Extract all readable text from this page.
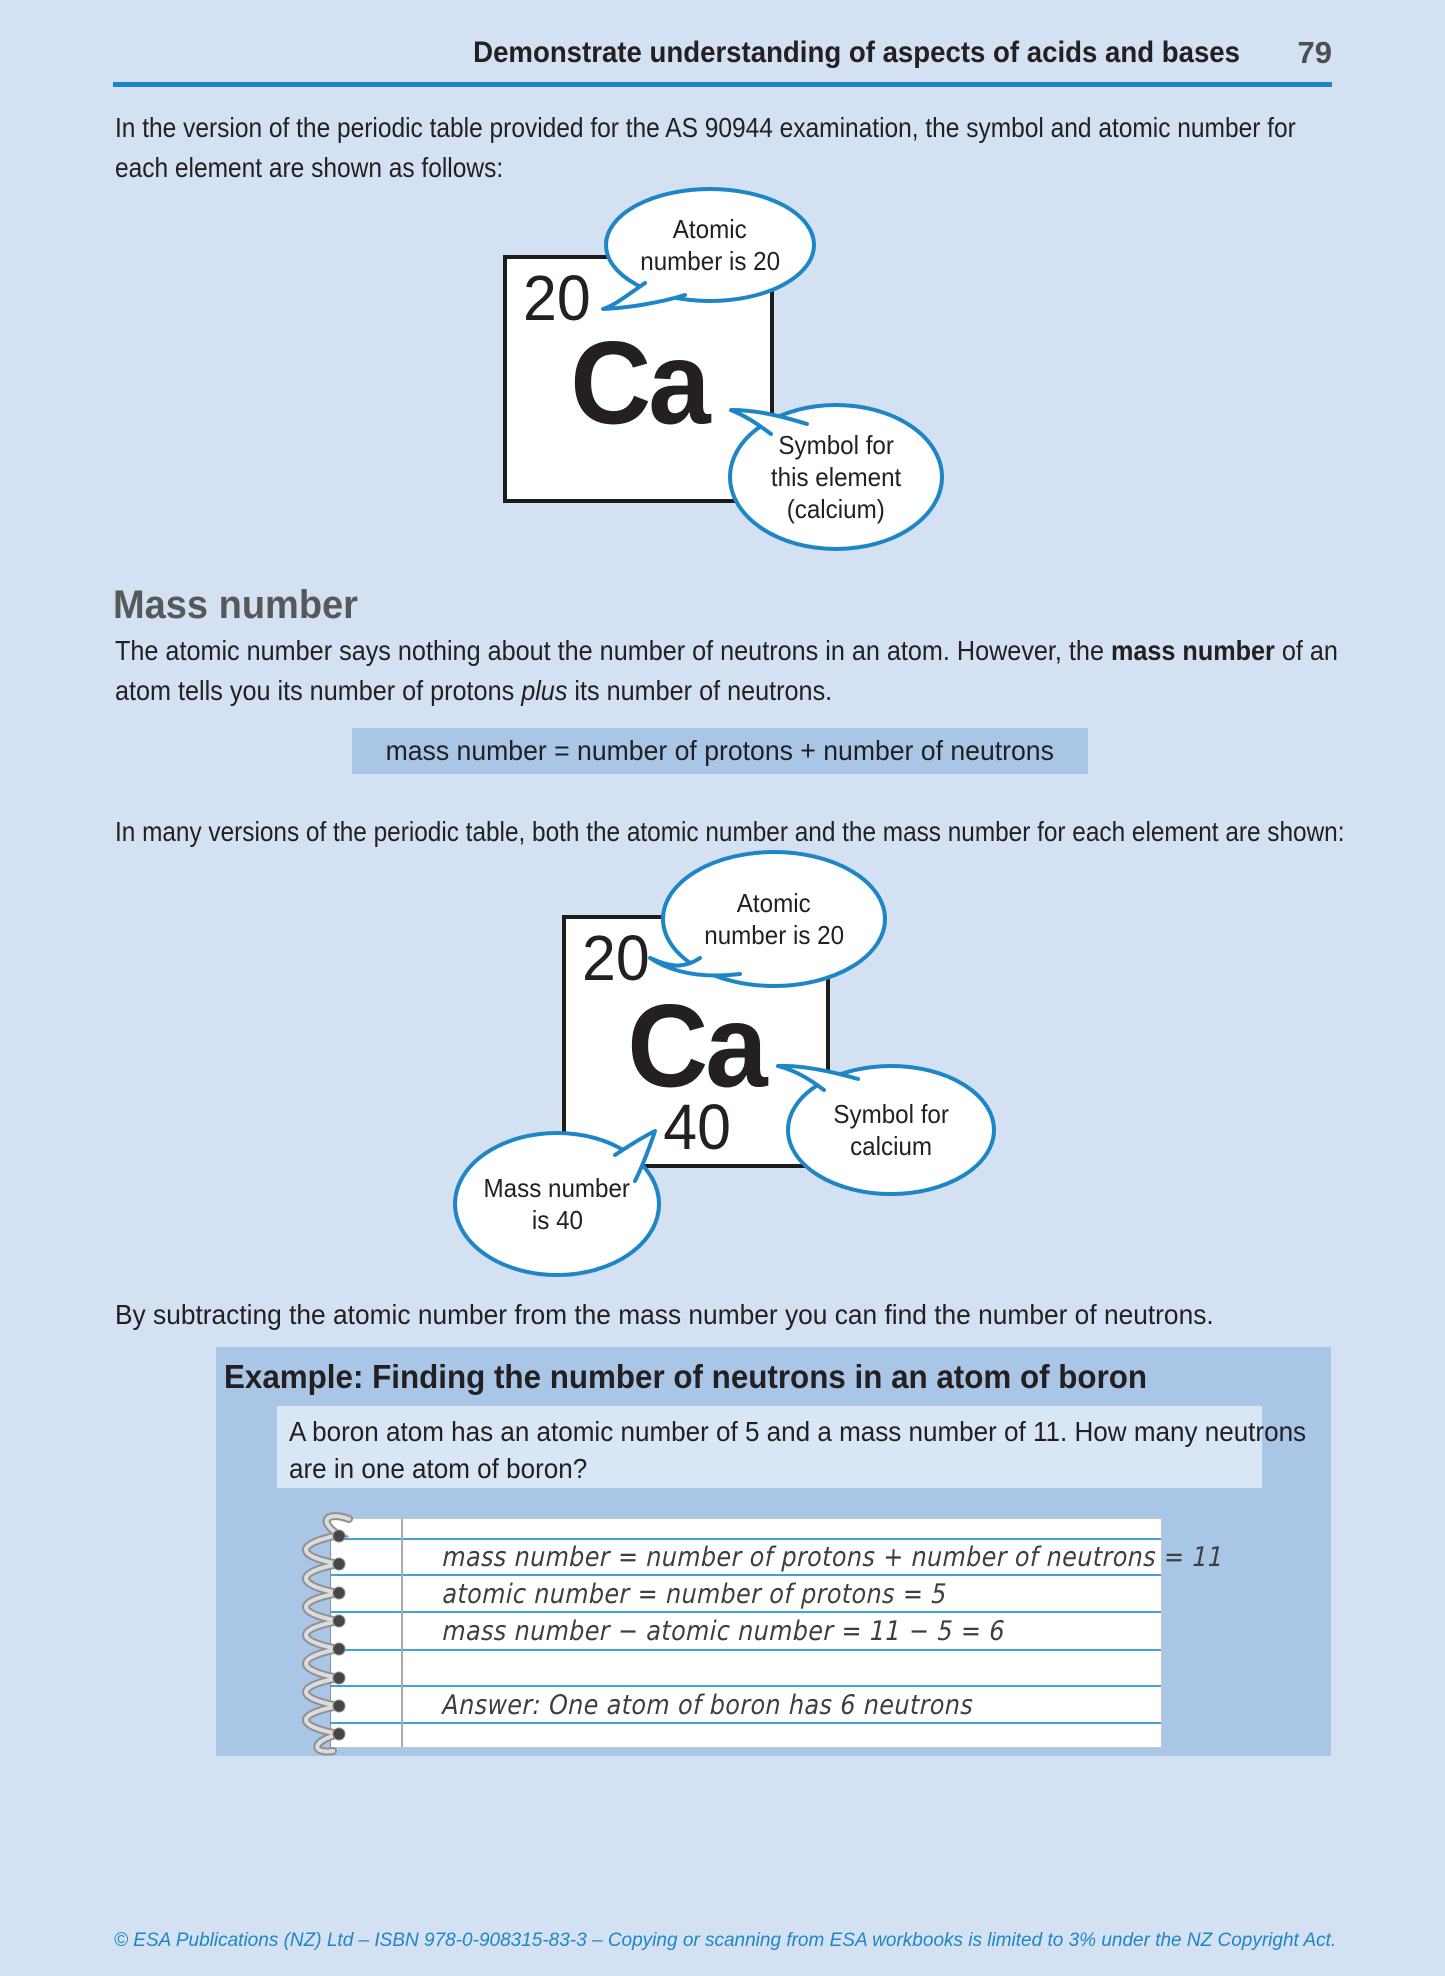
Demonstrate understanding of aspects of acids and bases	79

In the version of the periodic table provided for the AS 90944 examination, the symbol and atomic number for each element are shown as follows:

20
Ca
Atomic
number is 20
Symbol for
this element
(calcium)
Mass number

The atomic number says nothing about the number of neutrons in an atom. However, the mass number of an atom tells you its number of protons plus its number of neutrons.

mass number = number of protons + number of neutrons

In many versions of the periodic table, both the atomic number and the mass number for each element are shown:

20
Ca
40
Atomic
number is 20
Symbol for
calcium
Mass number
is 40

By subtracting the atomic number from the mass number you can find the number of neutrons.

Example: Finding the number of neutrons in an atom of boron
A boron atom has an atomic number of 5 and a mass number of 11. How many neutrons
are in one atom of boron?
mass number = number of protons + number of neutrons = 11
atomic number = number of protons = 5
mass number − atomic number = 11 − 5 = 6
Answer: One atom of boron has 6 neutrons
© ESA Publications (NZ) Ltd – ISBN 978-0-908315-83-3 – Copying or scanning from ESA workbooks is limited to 3% under the NZ Copyright Act.
